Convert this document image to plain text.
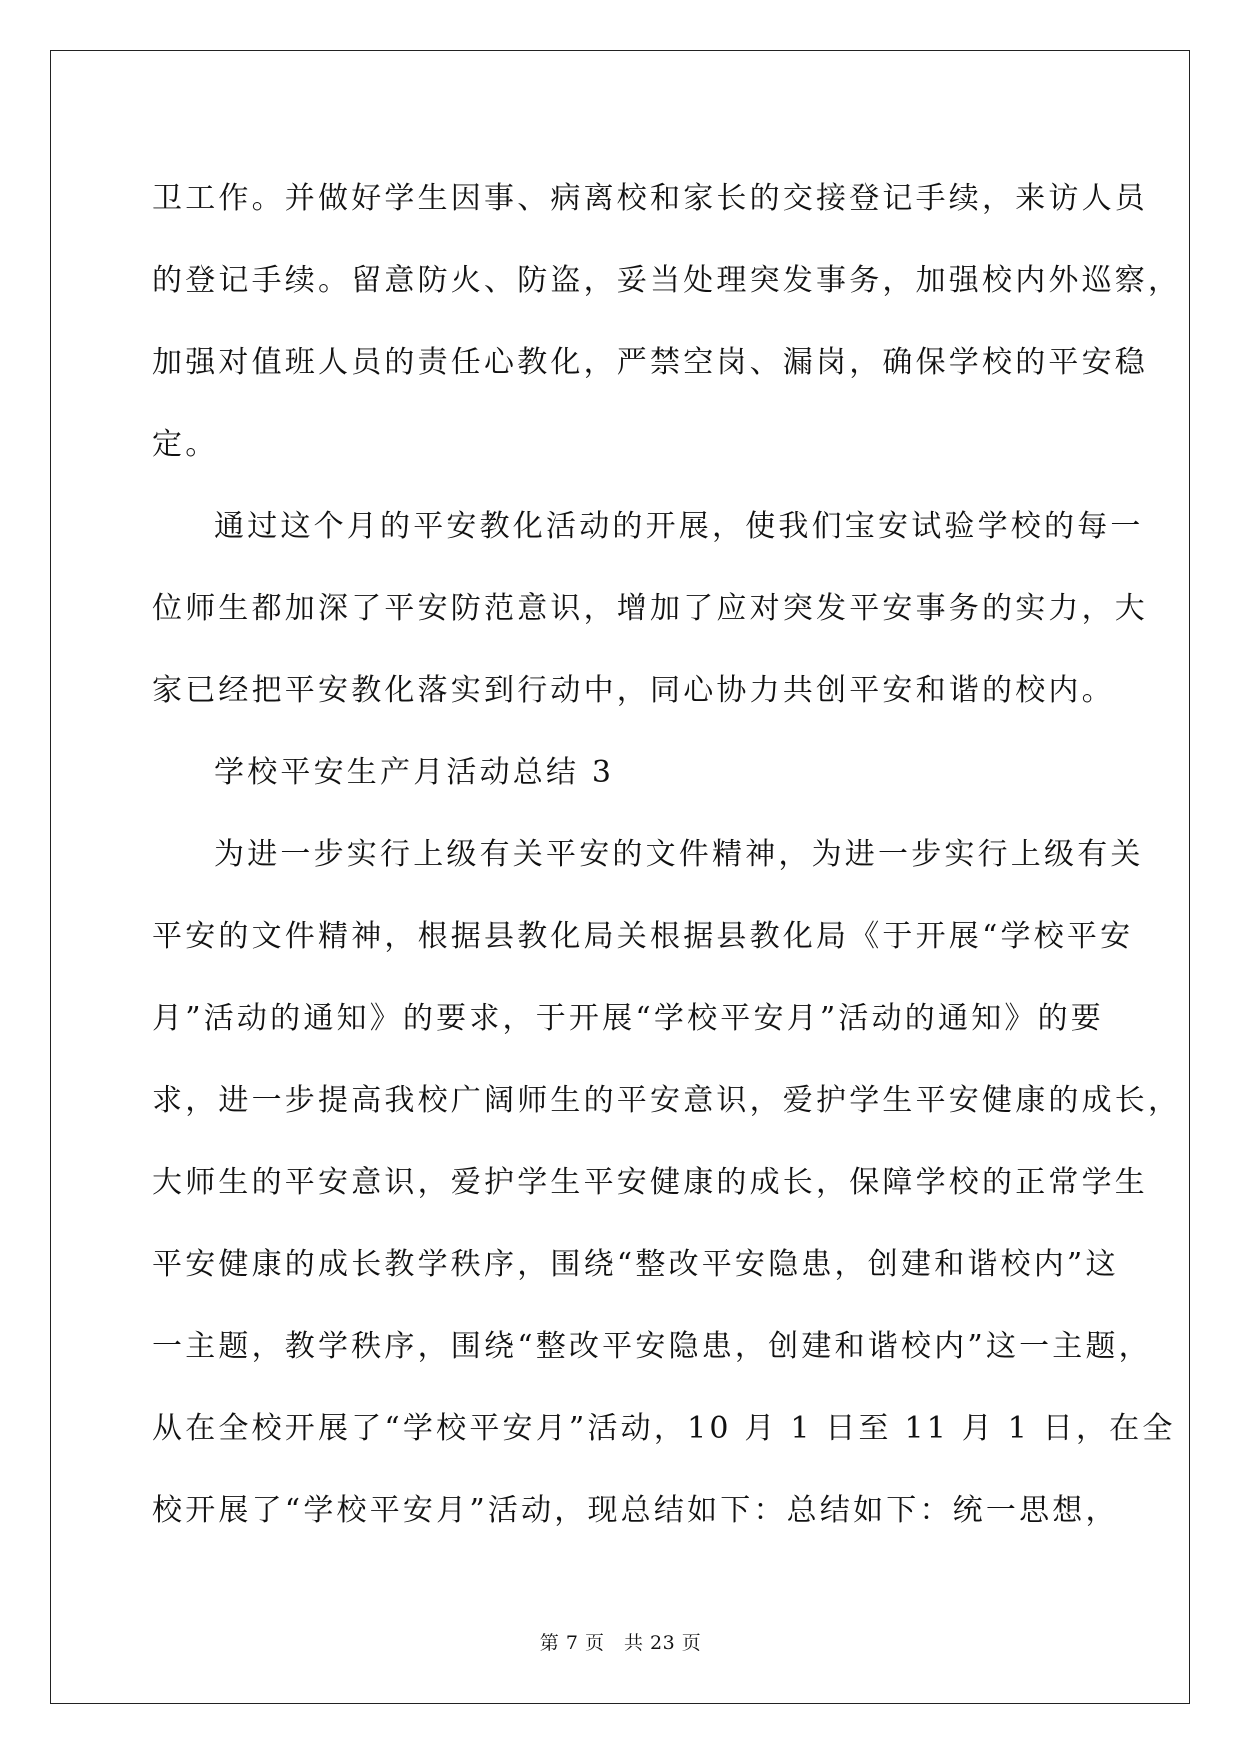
卫工作。并做好学生因事、病离校和家长的交接登记手续，来访人员
的登记手续。留意防火、防盗，妥当处理突发事务，加强校内外巡察，
加强对值班人员的责任心教化，严禁空岗、漏岗，确保学校的平安稳
定。
通过这个月的平安教化活动的开展，使我们宝安试验学校的每一
位师生都加深了平安防范意识，增加了应对突发平安事务的实力，大
家已经把平安教化落实到行动中，同心协力共创平安和谐的校内。
学校平安生产月活动总结 3
为进一步实行上级有关平安的文件精神，为进一步实行上级有关
平安的文件精神，根据县教化局关根据县教化局《于开展“学校平安
月”活动的通知》的要求，于开展“学校平安月”活动的通知》的要
求，进一步提高我校广阔师生的平安意识，爱护学生平安健康的成长，
大师生的平安意识，爱护学生平安健康的成长，保障学校的正常学生
平安健康的成长教学秩序，围绕“整改平安隐患，创建和谐校内”这
一主题，教学秩序，围绕“整改平安隐患，创建和谐校内”这一主题，
从在全校开展了“学校平安月”活动，10 月 1 日至 11 月 1 日，在全
校开展了“学校平安月”活动，现总结如下：总结如下：统一思想，
第 7 页　共 23 页
